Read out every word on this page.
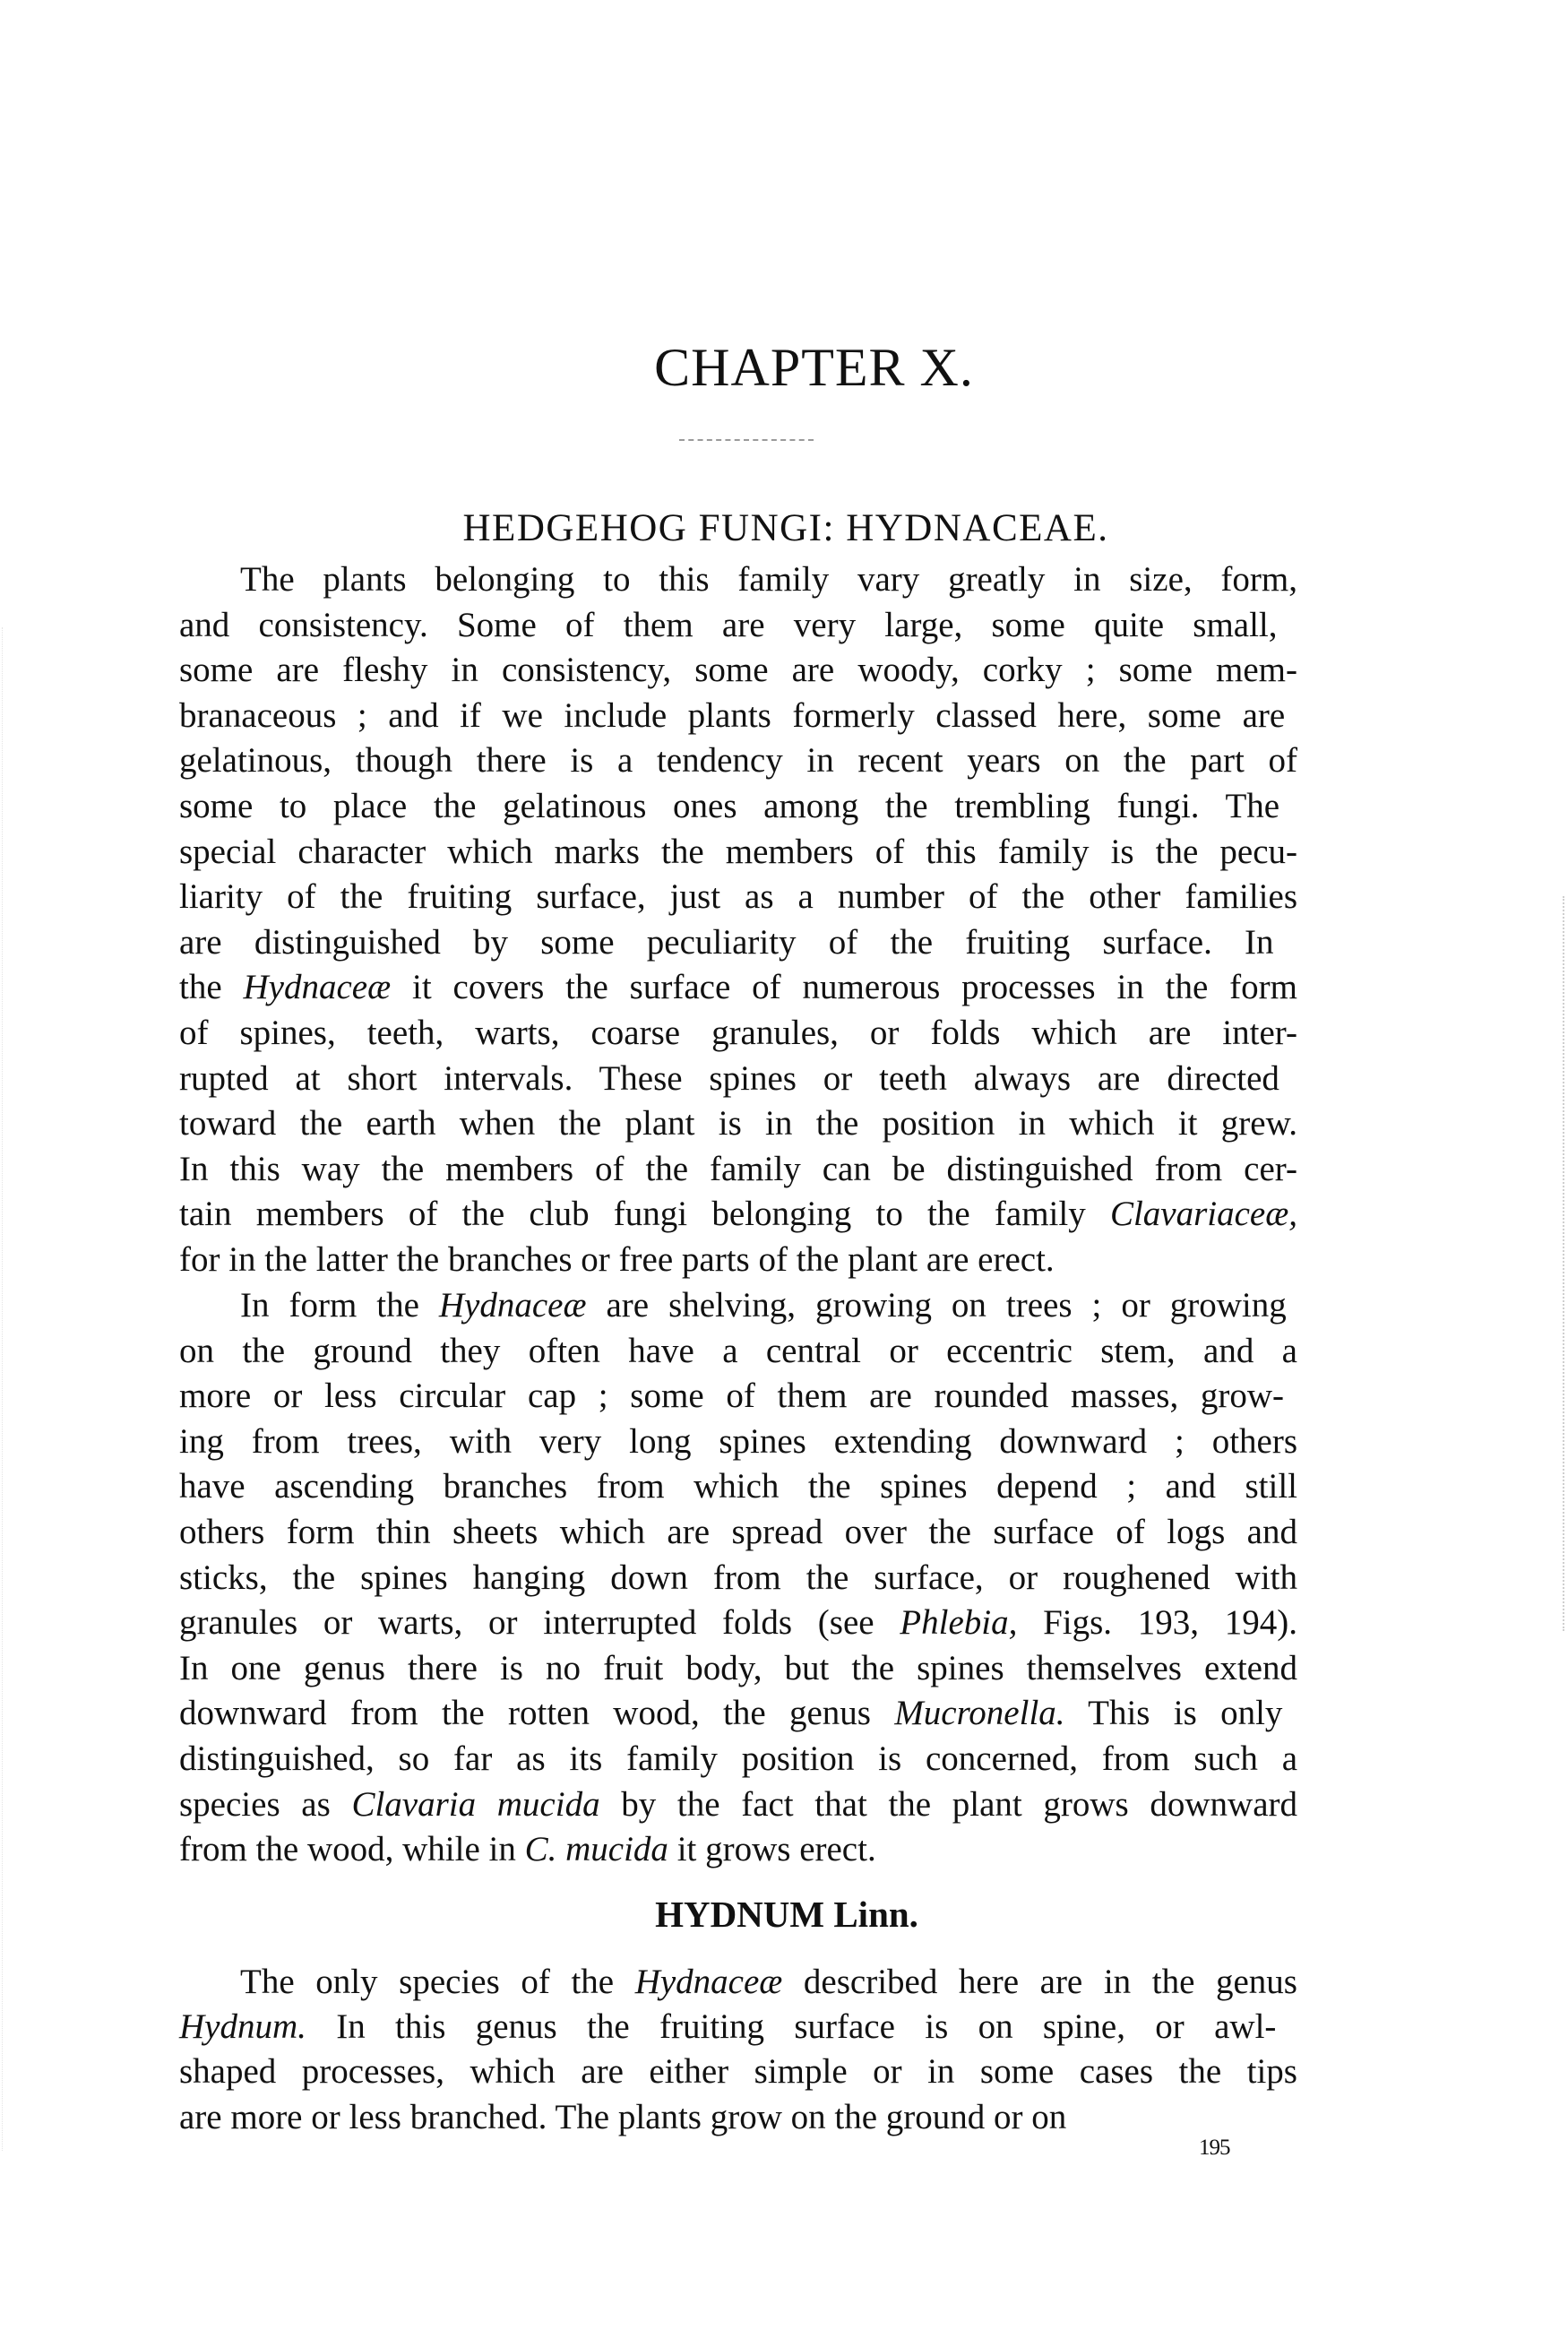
CHAPTER X.
HEDGEHOG FUNGI: HYDNACEAE.
The plants belonging to this family vary greatly in size, form,
and consistency. Some of them are very large, some quite small,
some are fleshy in consistency, some are woody, corky ; some mem-
branaceous ; and if we include plants formerly classed here, some are
gelatinous, though there is a tendency in recent years on the part of
some to place the gelatinous ones among the trembling fungi. The
special character which marks the members of this family is the pecu-
liarity of the fruiting surface, just as a number of the other families
are distinguished by some peculiarity of the fruiting surface. In
the Hydnaceæ it covers the surface of numerous processes in the form
of spines, teeth, warts, coarse granules, or folds which are inter-
rupted at short intervals. These spines or teeth always are directed
toward the earth when the plant is in the position in which it grew.
In this way the members of the family can be distinguished from cer-
tain members of the club fungi belonging to the family Clavariaceæ,
for in the latter the branches or free parts of the plant are erect.
In form the Hydnaceæ are shelving, growing on trees ; or growing
on the ground they often have a central or eccentric stem, and a
more or less circular cap ; some of them are rounded masses, grow-
ing from trees, with very long spines extending downward ; others
have ascending branches from which the spines depend ; and still
others form thin sheets which are spread over the surface of logs and
sticks, the spines hanging down from the surface, or roughened with
granules or warts, or interrupted folds (see Phlebia, Figs. 193, 194).
In one genus there is no fruit body, but the spines themselves extend
downward from the rotten wood, the genus Mucronella. This is only
distinguished, so far as its family position is concerned, from such a
species as Clavaria mucida by the fact that the plant grows downward
from the wood, while in C. mucida it grows erect.
HYDNUM Linn.
The only species of the Hydnaceæ described here are in the genus
Hydnum. In this genus the fruiting surface is on spine, or awl-
shaped processes, which are either simple or in some cases the tips
are more or less branched. The plants grow on the ground or on
195
